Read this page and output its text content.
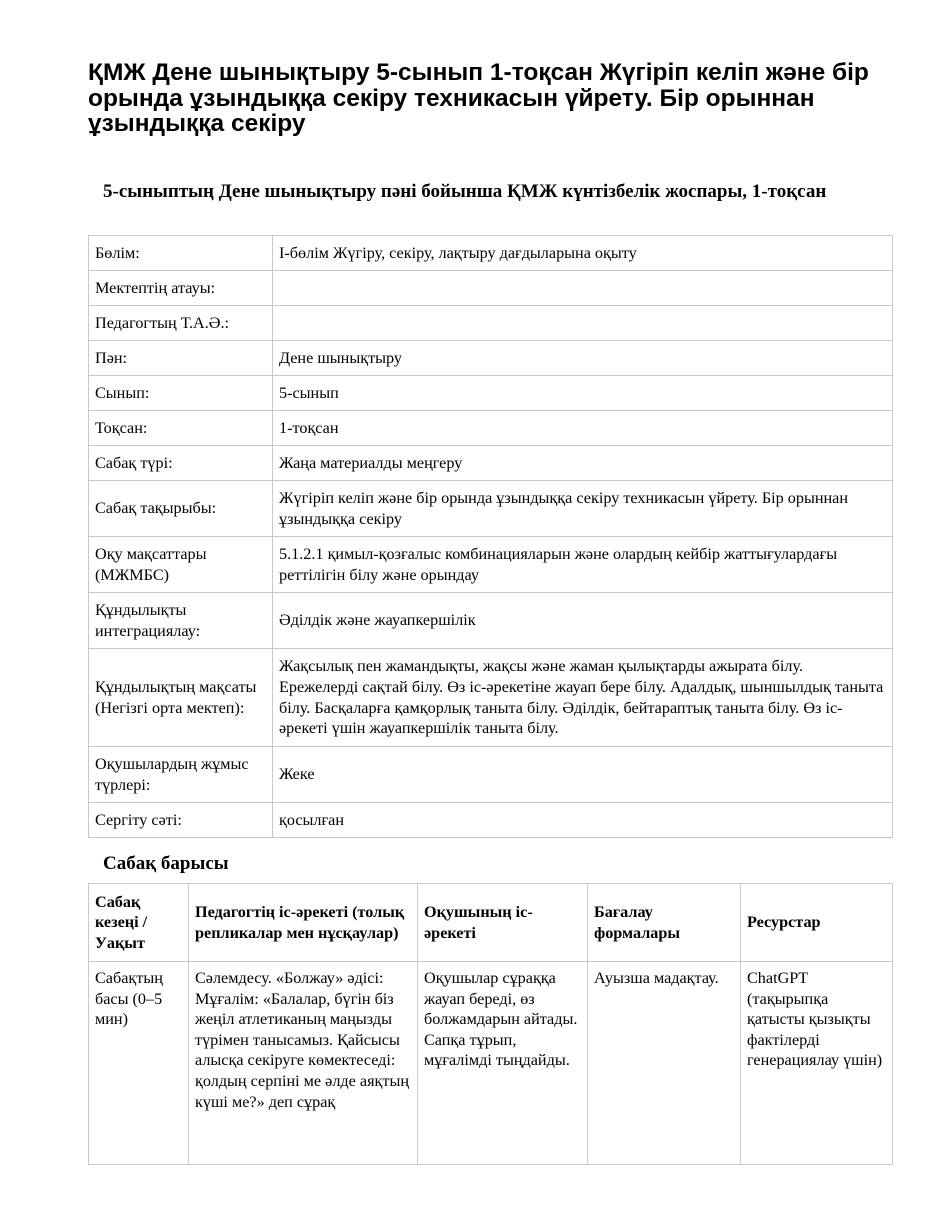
ҚМЖ Дене шынықтыру 5-сынып 1-тоқсан Жүгіріп келіп және бір орында ұзындыққа секіру техникасын үйрету. Бір орыннан ұзындыққа секіру
5-сыныптың Дене шынықтыру пәні бойынша ҚМЖ күнтізбелік жоспары, 1-тоқсан
Бөлім:	І-бөлім Жүгіру, секіру, лақтыру дағдыларына оқыту
Мектептің атауы:	
Педагогтың Т.А.Ә.:	
Пән:	Дене шынықтыру
Сынып:	5-сынып
Тоқсан:	1-тоқсан
Сабақ түрі:	Жаңа материалды меңгеру
Сабақ тақырыбы:	Жүгіріп келіп және бір орында ұзындыққа секіру техникасын үйрету. Бір орыннан ұзындыққа секіру
Оқу мақсаттары (МЖМБС)	5.1.2.1 қимыл-қозғалыс комбинацияларын және олардың кейбір жаттығулардағы реттілігін білу және орындау
Құндылықты интеграциялау:	Әділдік және жауапкершілік
Құндылықтың мақсаты (Негізгі орта мектеп):	Жақсылық пен жамандықты, жақсы және жаман қылықтарды ажырата білу. Ережелерді сақтай білу. Өз іс-әрекетіне жауап бере білу. Адалдық, шыншылдық таныта білу. Басқаларға қамқорлық таныта білу. Әділдік, бейтараптық таныта білу. Өз іс-әрекеті үшін жауапкершілік таныта білу.
Оқушылардың жұмыс түрлері:	Жеке
Сергіту сәті:	қосылған
Сабақ барысы
Сабақ кезеңі / Уақыт	Педагогтің іс-әрекеті (толық репликалар мен нұсқаулар)	Оқушының іс-әрекеті	Бағалау формалары	Ресурстар
Сабақтың басы (0–5 мин)	Сәлемдесу. «Болжау» әдісі: Мұғалім: «Балалар, бүгін біз жеңіл атлетиканың маңызды түрімен танысамыз. Қайсысы алысқа секіруге көмектеседі: қолдың серпіні ме әлде аяқтың күші ме?» деп сұрақ	Оқушылар сұраққа жауап береді, өз болжамдарын айтады. Сапқа тұрып, мұғалімді тыңдайды.	Ауызша мадақтау.	ChatGPT (тақырыпқа қатысты қызықты фактілерді генерациялау үшін)
